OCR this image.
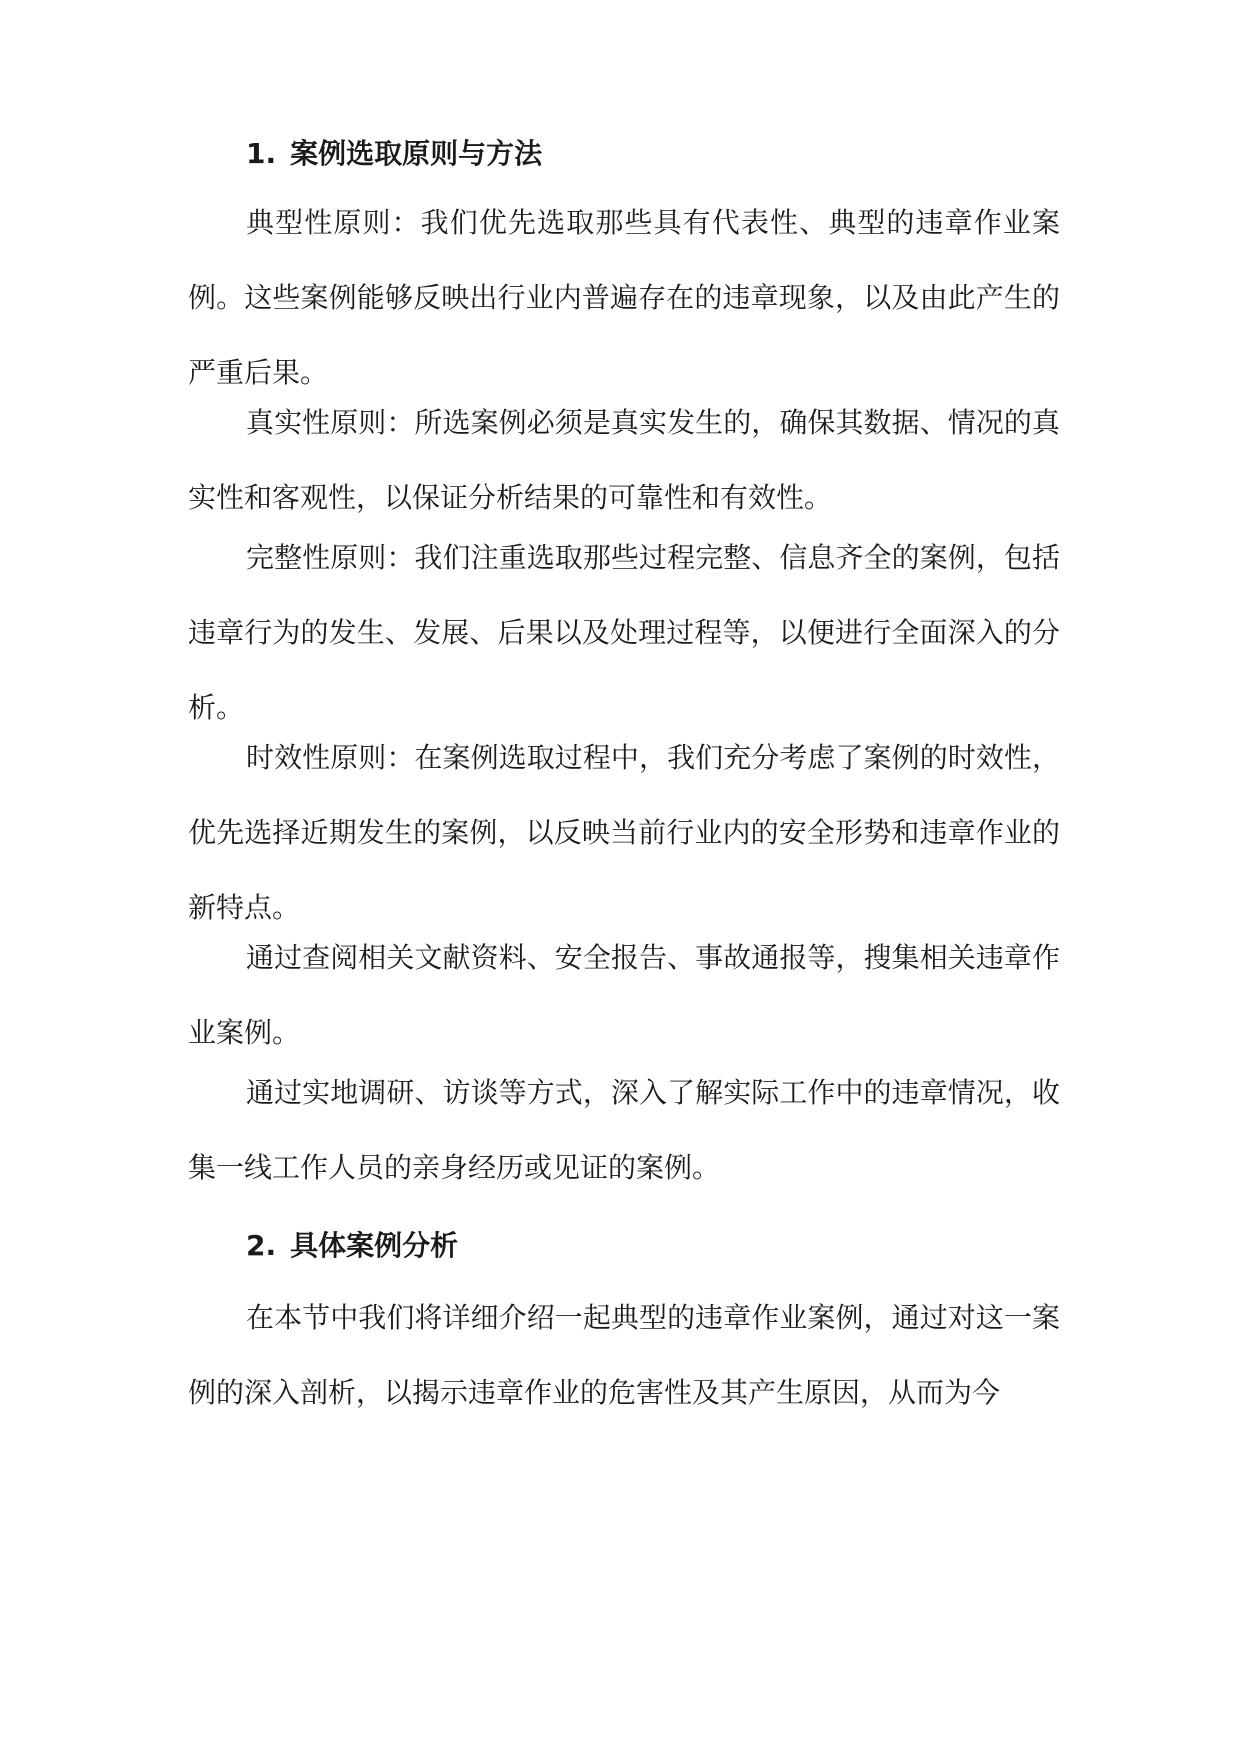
1. 案例选取原则与方法

典型性原则：我们优先选取那些具有代表性、典型的违章作业案例。这些案例能够反映出行业内普遍存在的违章现象，以及由此产生的严重后果。

真实性原则：所选案例必须是真实发生的，确保其数据、情况的真实性和客观性，以保证分析结果的可靠性和有效性。

完整性原则：我们注重选取那些过程完整、信息齐全的案例，包括违章行为的发生、发展、后果以及处理过程等，以便进行全面深入的分析。

时效性原则：在案例选取过程中，我们充分考虑了案例的时效性，优先选择近期发生的案例，以反映当前行业内的安全形势和违章作业的新特点。

通过查阅相关文献资料、安全报告、事故通报等，搜集相关违章作业案例。

通过实地调研、访谈等方式，深入了解实际工作中的违章情况，收集一线工作人员的亲身经历或见证的案例。

2. 具体案例分析

在本节中我们将详细介绍一起典型的违章作业案例，通过对这一案例的深入剖析，以揭示违章作业的危害性及其产生原因，从而为今
